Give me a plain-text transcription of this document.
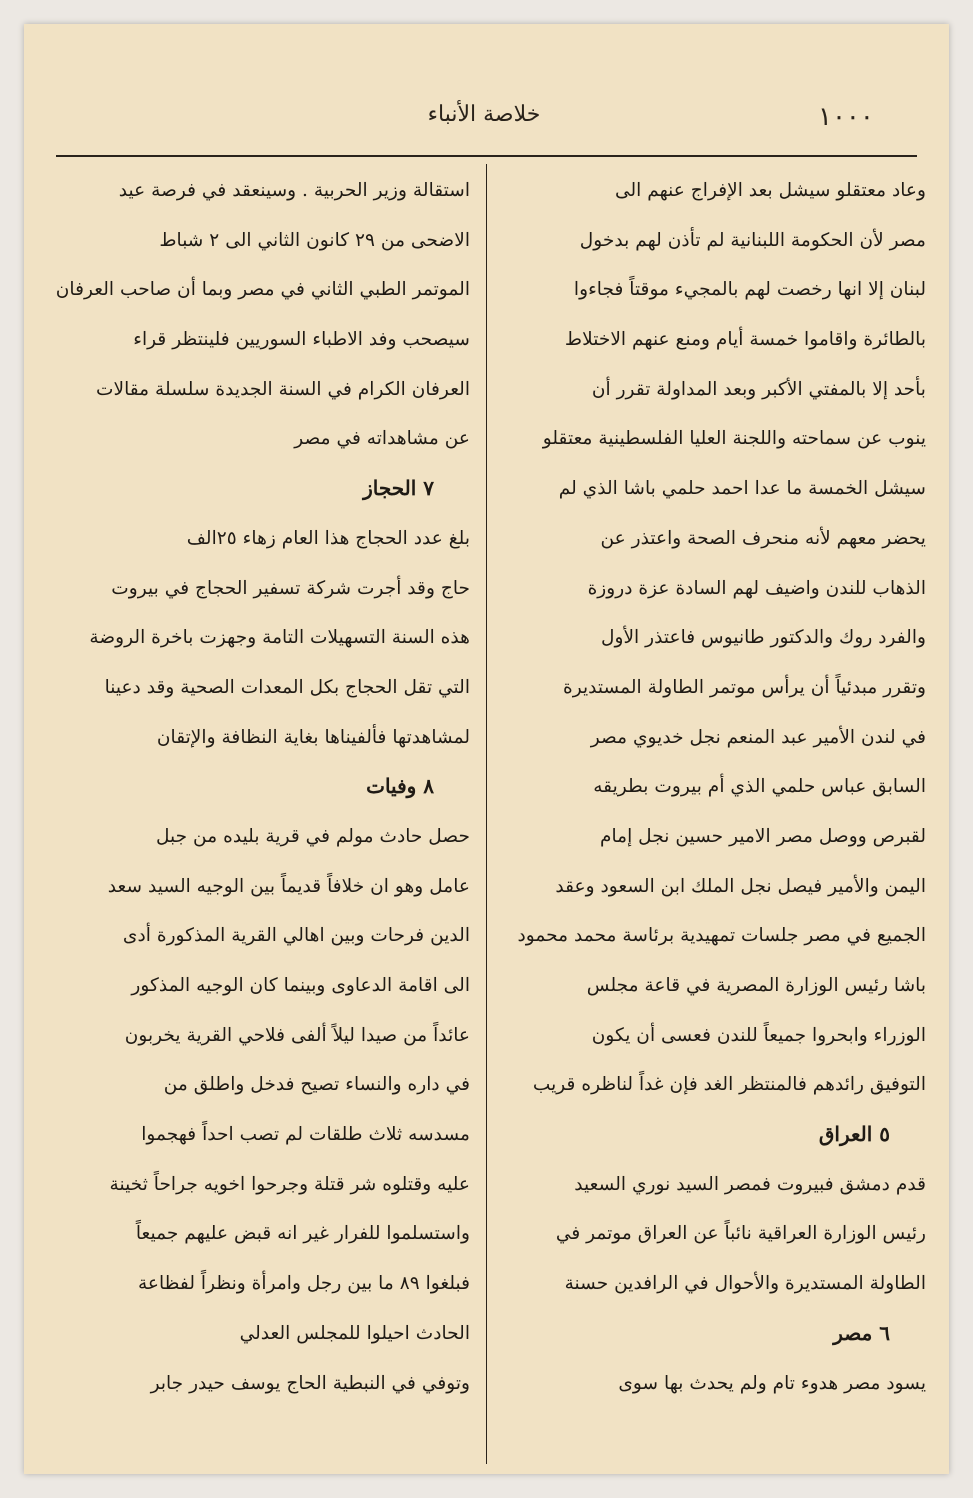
١٠٠٠
خلاصة الأنباء
وعاد معتقلو سيشل بعد الإفراج عنهم الى
مصر لأن الحكومة اللبنانية لم تأذن لهم بدخول
لبنان إلا انها رخصت لهم بالمجيء موقتاً فجاءوا
بالطائرة واقاموا خمسة أيام ومنع عنهم الاختلاط
بأحد إلا بالمفتي الأكبر وبعد المداولة تقرر أن
ينوب عن سماحته واللجنة العليا الفلسطينية معتقلو
سيشل الخمسة ما عدا احمد حلمي باشا الذي لم
يحضر معهم لأنه منحرف الصحة واعتذر عن
الذهاب للندن واضيف لهم السادة عزة دروزة
والفرد روك والدكتور طانيوس فاعتذر الأول
وتقرر مبدئياً أن يرأس موتمر الطاولة المستديرة
في لندن الأمير عبد المنعم نجل خديوي مصر
السابق عباس حلمي الذي أم بيروت بطريقه
لقبرص ووصل مصر الامير حسين نجل إمام
اليمن والأمير فيصل نجل الملك ابن السعود وعقد
الجميع في مصر جلسات تمهيدية برئاسة محمد محمود
باشا رئيس الوزارة المصرية في قاعة مجلس
الوزراء وابحروا جميعاً للندن فعسى أن يكون
التوفيق رائدهم فالمنتظر الغد فإن غداً لناظره قريب
٥ العراق
قدم دمشق فبيروت فمصر السيد نوري السعيد
رئيس الوزارة العراقية نائباً عن العراق موتمر في
الطاولة المستديرة والأحوال في الرافدين حسنة
٦ مصر
يسود مصر هدوء تام ولم يحدث بها سوى
استقالة وزير الحربية . وسينعقد في فرصة عيد
الاضحى من ٢٩ كانون الثاني الى ٢ شباط
الموتمر الطبي الثاني في مصر وبما أن صاحب العرفان
سيصحب وفد الاطباء السوريين فلينتظر قراء
العرفان الكرام في السنة الجديدة سلسلة مقالات
عن مشاهداته في مصر
٧ الحجاز
بلغ عدد الحجاج هذا العام زهاء ٢٥الف
حاج وقد أجرت شركة تسفير الحجاج في بيروت
هذه السنة التسهيلات التامة وجهزت باخرة الروضة
التي تقل الحجاج بكل المعدات الصحية وقد دعينا
لمشاهدتها فألفيناها بغاية النظافة والإتقان
٨ وفيات
حصل حادث مولم في قرية بليده من جبل
عامل وهو ان خلافاً قديماً بين الوجيه السيد سعد
الدين فرحات وبين اهالي القرية المذكورة أدى
الى اقامة الدعاوى وبينما كان الوجيه المذكور
عائداً من صيدا ليلاً ألفى فلاحي القرية يخربون
في داره والنساء تصيح فدخل واطلق من
مسدسه ثلاث طلقات لم تصب احداً فهجموا
عليه وقتلوه شر قتلة وجرحوا اخويه جراحاً ثخينة
واستسلموا للفرار غير انه قبض عليهم جميعاً
فبلغوا ٨٩ ما بين رجل وامرأة ونظراً لفظاعة
الحادث احيلوا للمجلس العدلي
وتوفي في النبطية الحاج يوسف حيدر جابر
